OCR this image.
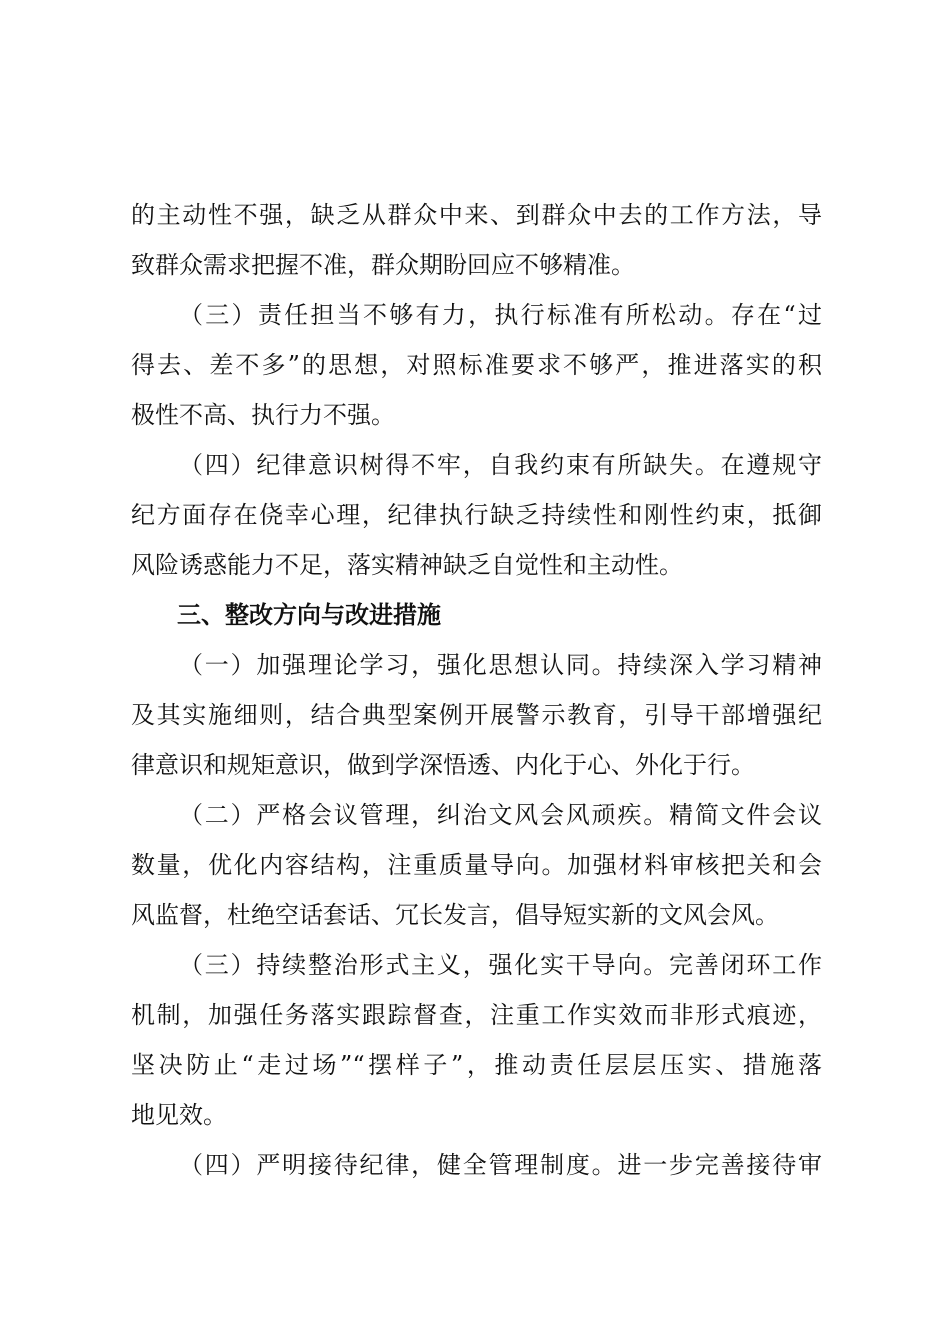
的主动性不强，缺乏从群众中来、到群众中去的工作方法，导
致群众需求把握不准，群众期盼回应不够精准。
（三）责任担当不够有力，执行标准有所松动。存在“过
得去、差不多”的思想，对照标准要求不够严，推进落实的积
极性不高、执行力不强。
（四）纪律意识树得不牢，自我约束有所缺失。在遵规守
纪方面存在侥幸心理，纪律执行缺乏持续性和刚性约束，抵御
风险诱惑能力不足，落实精神缺乏自觉性和主动性。
三、整改方向与改进措施
（一）加强理论学习，强化思想认同。持续深入学习精神
及其实施细则，结合典型案例开展警示教育，引导干部增强纪
律意识和规矩意识，做到学深悟透、内化于心、外化于行。
（二）严格会议管理，纠治文风会风顽疾。精简文件会议
数量，优化内容结构，注重质量导向。加强材料审核把关和会
风监督，杜绝空话套话、冗长发言，倡导短实新的文风会风。
（三）持续整治形式主义，强化实干导向。完善闭环工作
机制，加强任务落实跟踪督查，注重工作实效而非形式痕迹，
坚决防止“走过场”“摆样子”，推动责任层层压实、措施落
地见效。
（四）严明接待纪律，健全管理制度。进一步完善接待审
